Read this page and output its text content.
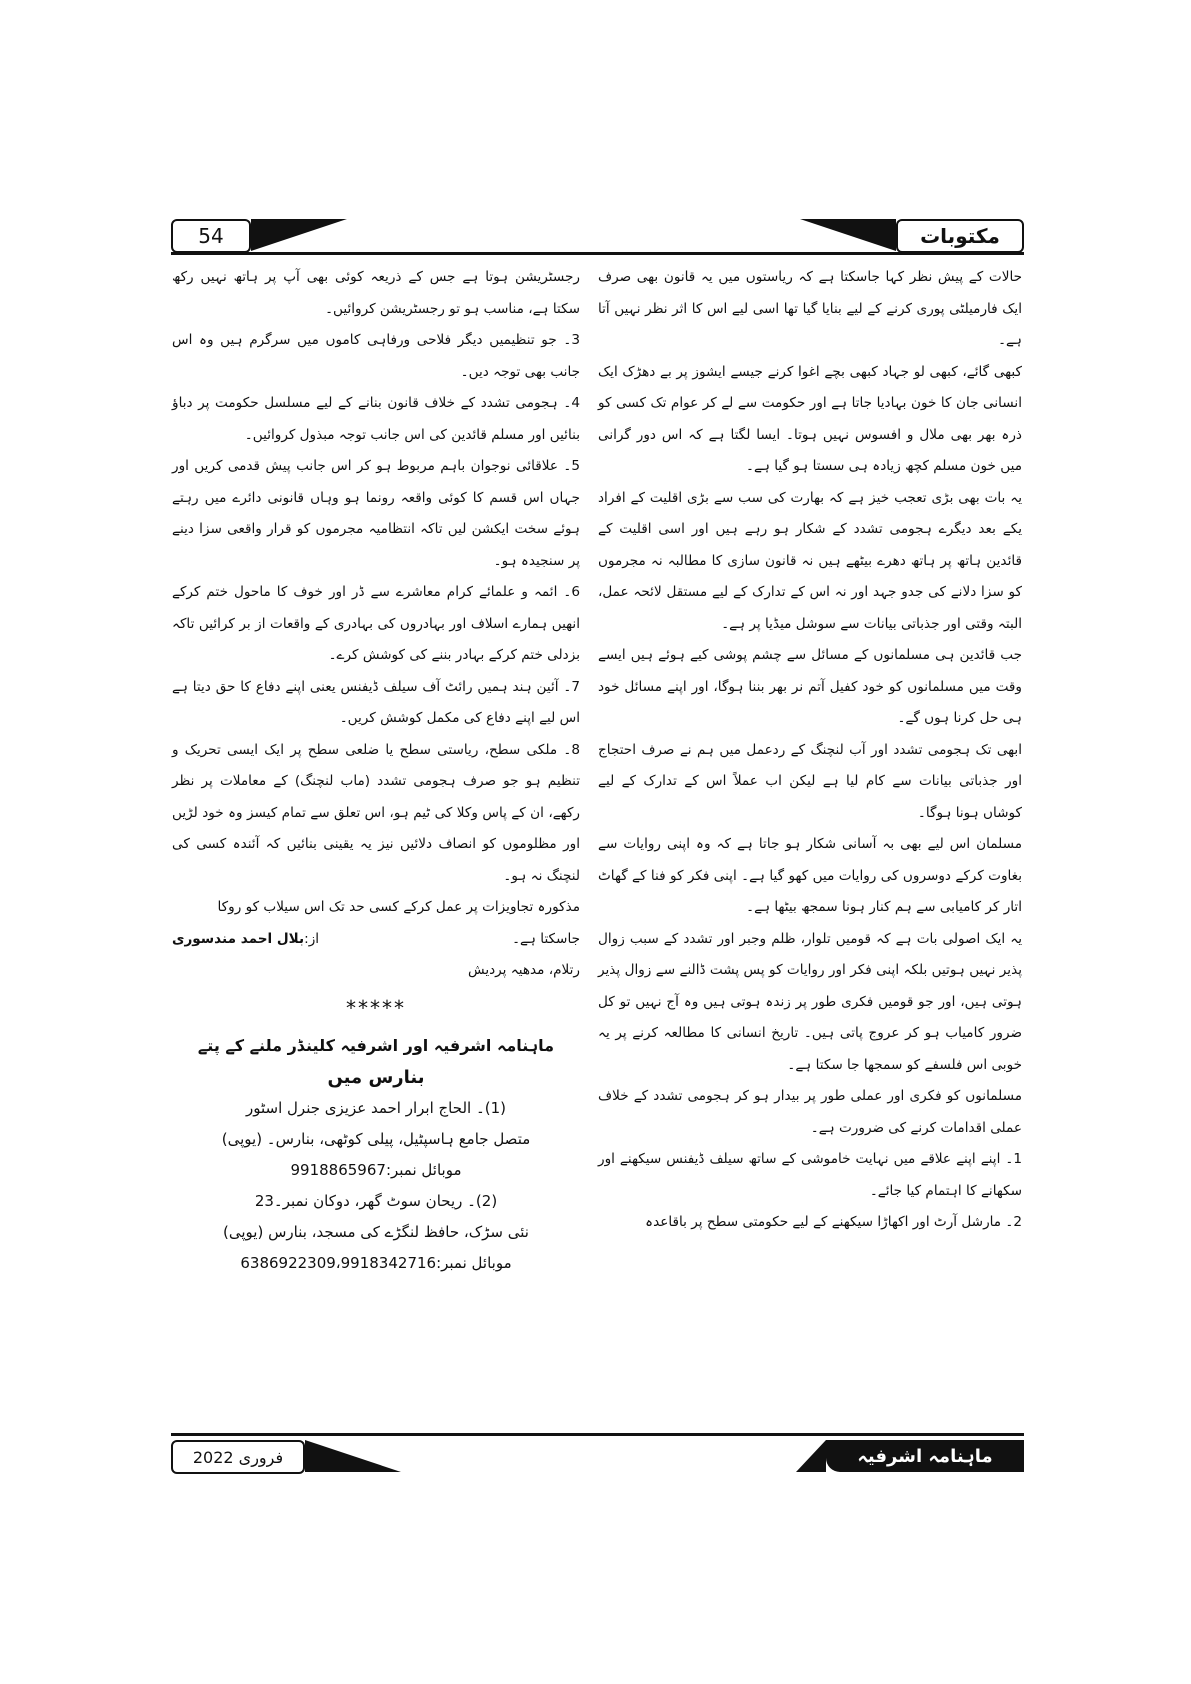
54	مکتوبات

حالات کے پیش نظر کہا جاسکتا ہے کہ ریاستوں میں یہ قانون بھی صرف ایک فارمیلٹی پوری کرنے کے لیے بنایا گیا تھا اسی لیے اس کا اثر نظر نہیں آتا ہے۔

کبھی گائے، کبھی لو جہاد کبھی بچے اغوا کرنے جیسے ایشوز پر بے دھڑک ایک انسانی جان کا خون بہادیا جاتا ہے اور حکومت سے لے کر عوام تک کسی کو ذرہ بھر بھی ملال و افسوس نہیں ہوتا۔ ایسا لگتا ہے کہ اس دور گرانی میں خون مسلم کچھ زیادہ ہی سستا ہو گیا ہے۔

یہ بات بھی بڑی تعجب خیز ہے کہ بھارت کی سب سے بڑی اقلیت کے افراد یکے بعد دیگرے ہجومی تشدد کے شکار ہو رہے ہیں اور اسی اقلیت کے قائدین ہاتھ پر ہاتھ دھرے بیٹھے ہیں نہ قانون سازی کا مطالبہ نہ مجرموں کو سزا دلانے کی جدو جہد اور نہ اس کے تدارک کے لیے مستقل لائحہ عمل، البتہ وقتی اور جذباتی بیانات سے سوشل میڈیا پر ہے۔

جب قائدین ہی مسلمانوں کے مسائل سے چشم پوشی کیے ہوئے ہیں ایسے وقت میں مسلمانوں کو خود کفیل آتم نر بھر بننا ہوگا، اور اپنے مسائل خود ہی حل کرنا ہوں گے۔

ابھی تک ہجومی تشدد اور آب لنچنگ کے ردعمل میں ہم نے صرف احتجاج اور جذباتی بیانات سے کام لیا ہے لیکن اب عملاً اس کے تدارک کے لیے کوشاں ہونا ہوگا۔

مسلمان اس لیے بھی بہ آسانی شکار ہو جاتا ہے کہ وہ اپنی روایات سے بغاوت کرکے دوسروں کی روایات میں کھو گیا ہے۔ اپنی فکر کو فنا کے گھاٹ اتار کر کامیابی سے ہم کنار ہونا سمجھ بیٹھا ہے۔

یہ ایک اصولی بات ہے کہ قومیں تلوار، ظلم وجبر اور تشدد کے سبب زوال پذیر نہیں ہوتیں بلکہ اپنی فکر اور روایات کو پس پشت ڈالنے سے زوال پذیر ہوتی ہیں، اور جو قومیں فکری طور پر زندہ ہوتی ہیں وہ آج نہیں تو کل ضرور کامیاب ہو کر عروج پاتی ہیں۔ تاریخ انسانی کا مطالعہ کرنے پر یہ خوبی اس فلسفے کو سمجھا جا سکتا ہے۔

مسلمانوں کو فکری اور عملی طور پر بیدار ہو کر ہجومی تشدد کے خلاف عملی اقدامات کرنے کی ضرورت ہے۔

1۔ اپنے اپنے علاقے میں نہایت خاموشی کے ساتھ سیلف ڈیفنس سیکھنے اور سکھانے کا اہتمام کیا جائے۔

2۔ مارشل آرٹ اور اکھاڑا سیکھنے کے لیے حکومتی سطح پر باقاعدہ

رجسٹریشن ہوتا ہے جس کے ذریعہ کوئی بھی آپ پر ہاتھ نہیں رکھ سکتا ہے، مناسب ہو تو رجسٹریشن کروائیں۔

3۔ جو تنظیمیں دیگر فلاحی ورفاہی کاموں میں سرگرم ہیں وہ اس جانب بھی توجہ دیں۔

4۔ ہجومی تشدد کے خلاف قانون بنانے کے لیے مسلسل حکومت پر دباؤ بنائیں اور مسلم قائدین کی اس جانب توجہ مبذول کروائیں۔

5۔ علاقائی نوجوان باہم مربوط ہو کر اس جانب پیش قدمی کریں اور جہاں اس قسم کا کوئی واقعہ رونما ہو وہاں قانونی دائرے میں رہتے ہوئے سخت ایکشن لیں تاکہ انتظامیہ مجرموں کو قرار واقعی سزا دینے پر سنجیدہ ہو۔

6۔ ائمہ و علمائے کرام معاشرے سے ڈر اور خوف کا ماحول ختم کرکے انھیں ہمارے اسلاف اور بہادروں کی بہادری کے واقعات از بر کرائیں تاکہ بزدلی ختم کرکے بہادر بننے کی کوشش کرے۔

7۔ آئین ہند ہمیں رائٹ آف سیلف ڈیفنس یعنی اپنے دفاع کا حق دیتا ہے اس لیے اپنے دفاع کی مکمل کوشش کریں۔

8۔ ملکی سطح، ریاستی سطح یا ضلعی سطح پر ایک ایسی تحریک و تنظیم ہو جو صرف ہجومی تشدد (ماب لنچنگ) کے معاملات پر نظر رکھے، ان کے پاس وکلا کی ٹیم ہو، اس تعلق سے تمام کیسز وہ خود لڑیں اور مظلوموں کو انصاف دلائیں نیز یہ یقینی بنائیں کہ آئندہ کسی کی لنچنگ نہ ہو۔

مذکورہ تجاویزات پر عمل کرکے کسی حد تک اس سیلاب کو روکا

جاسکتا ہے۔
از:بلال احمد مندسوری

رتلام، مدھیہ پردیش

*****
ماہنامہ اشرفیہ اور اشرفیہ کلینڈر ملنے کے پتے
بنارس میں
(1)۔ الحاج ابرار احمد عزیزی جنرل اسٹور
متصل جامع ہاسپٹیل، پیلی کوٹھی، بنارس۔ (یوپی)
موبائل نمبر:9918865967
(2)۔ ریحان سوٹ گھر، دوکان نمبر۔23
نئی سڑک، حافظ لنگڑے کی مسجد، بنارس (یوپی)
موبائل نمبر:6386922309،9918342716
فروری 2022	ماہنامہ اشرفیہ
